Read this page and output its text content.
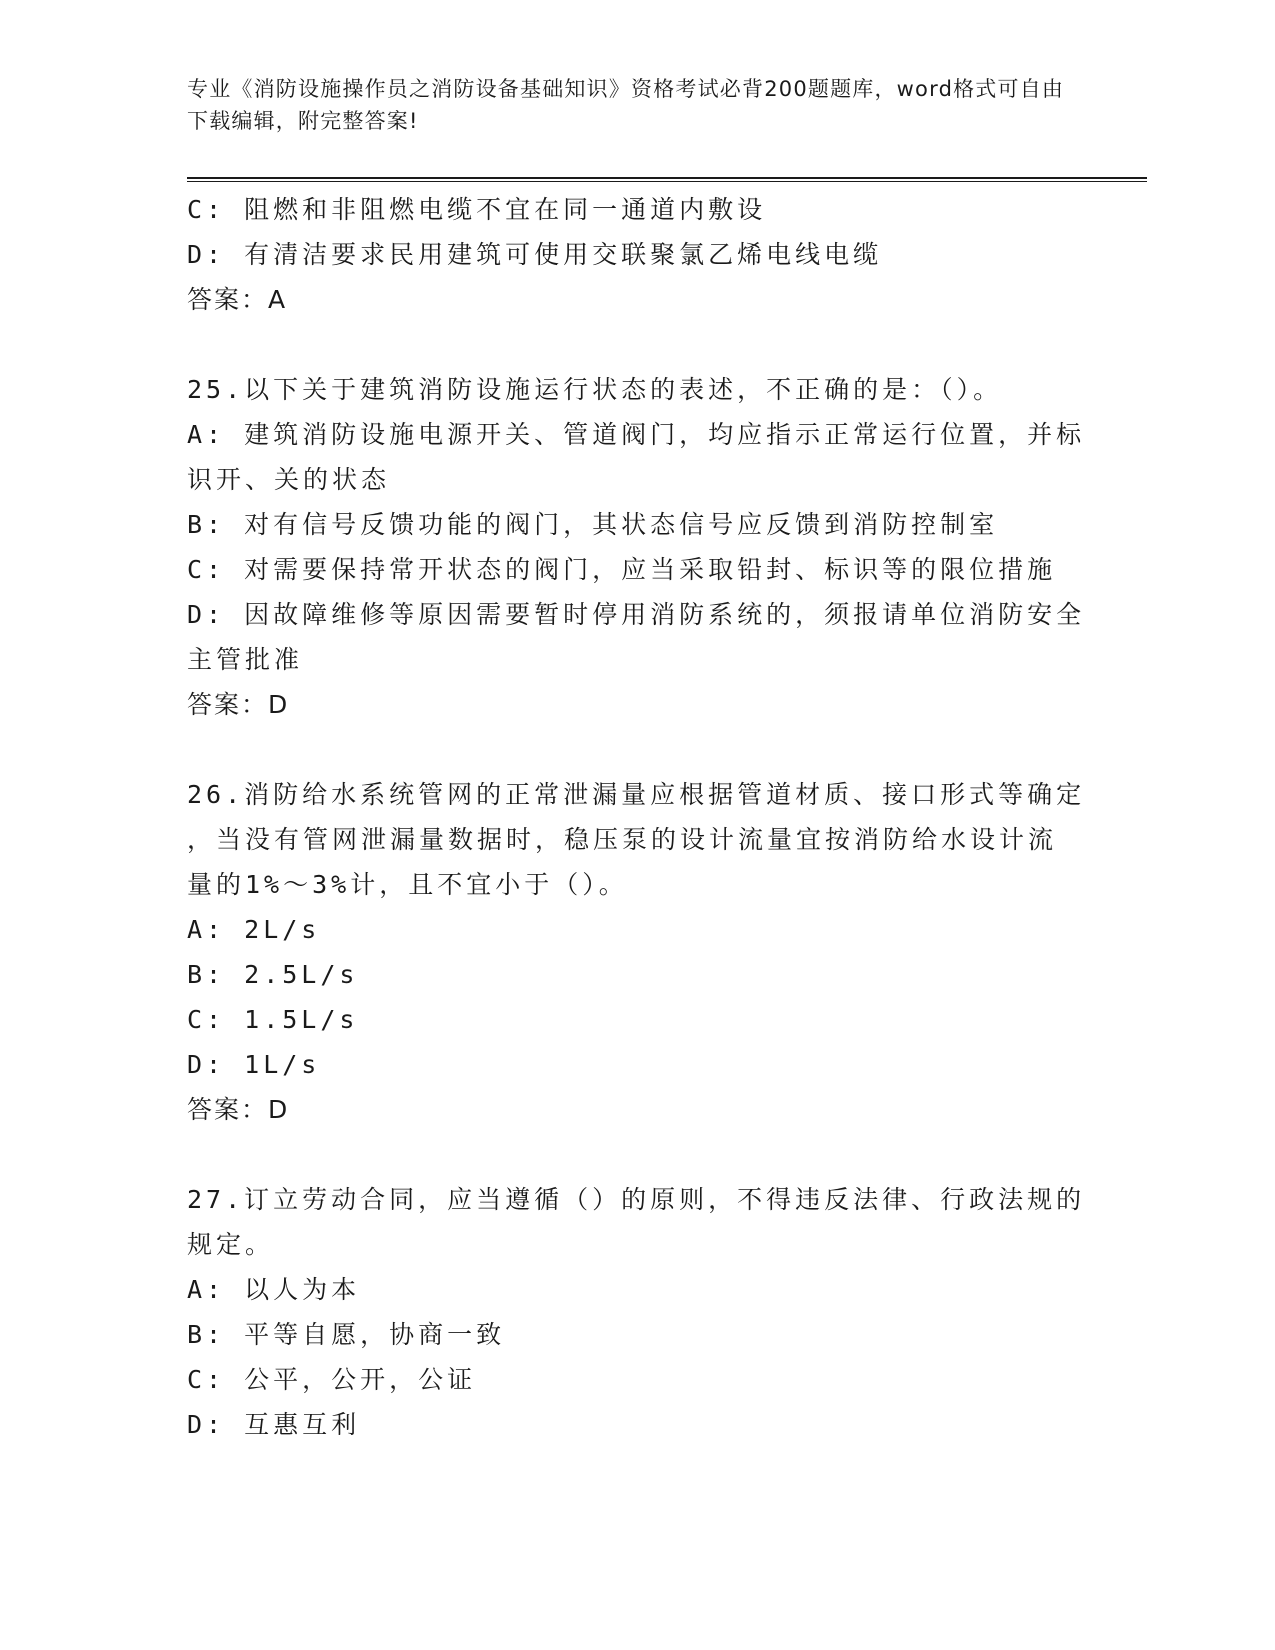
专业《消防设施操作员之消防设备基础知识》资格考试必背200题题库，word格式可自由下载编辑，附完整答案!
C: 阻燃和非阻燃电缆不宜在同一通道内敷设
D: 有清洁要求民用建筑可使用交联聚氯乙烯电线电缆
答案：A
25.以下关于建筑消防设施运行状态的表述，不正确的是：（）。
A: 建筑消防设施电源开关、管道阀门，均应指示正常运行位置，并标
识开、关的状态
B: 对有信号反馈功能的阀门，其状态信号应反馈到消防控制室
C: 对需要保持常开状态的阀门，应当采取铅封、标识等的限位措施
D: 因故障维修等原因需要暂时停用消防系统的，须报请单位消防安全
主管批准
答案：D
26.消防给水系统管网的正常泄漏量应根据管道材质、接口形式等确定
，当没有管网泄漏量数据时，稳压泵的设计流量宜按消防给水设计流
量的1%～3%计，且不宜小于（）。
A: 2L/s
B: 2.5L/s
C: 1.5L/s
D: 1L/s
答案：D
27.订立劳动合同，应当遵循（）的原则，不得违反法律、行政法规的
规定。
A: 以人为本
B: 平等自愿，协商一致
C: 公平，公开，公证
D: 互惠互利
